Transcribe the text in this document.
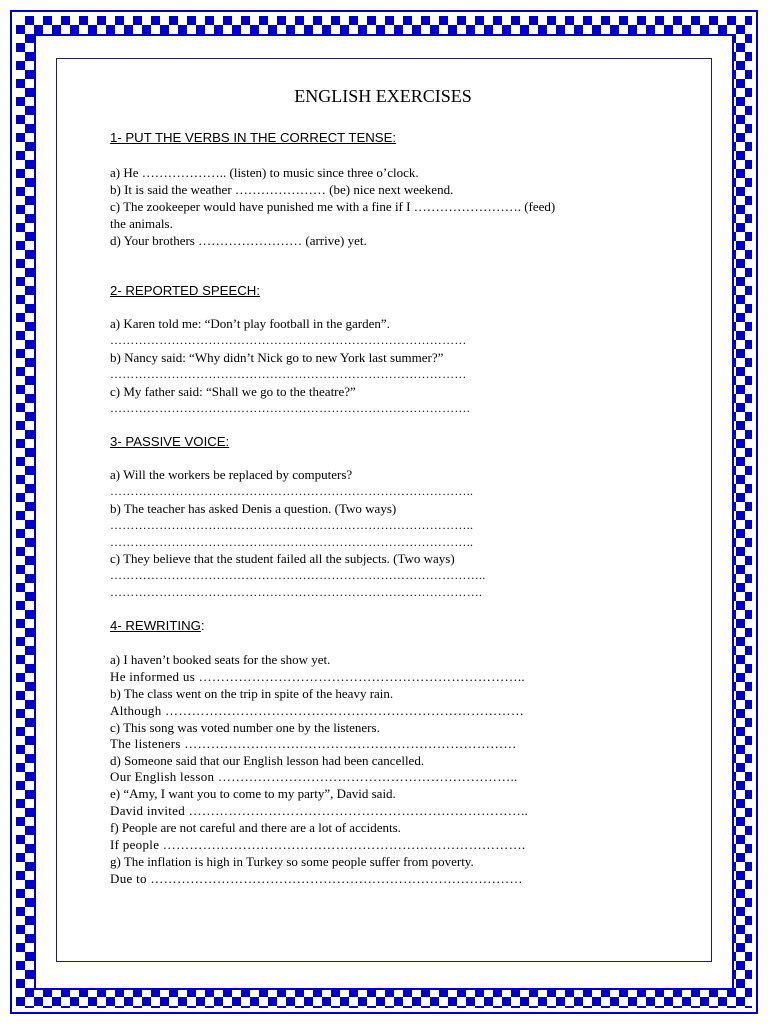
ENGLISH EXERCISES
1- PUT THE VERBS IN THE CORRECT TENSE:
a) He ……………….. (listen) to music since three o’clock.
b) It is said the weather ………………… (be) nice next weekend.
c) The zookeeper would have punished me with a fine if I ……………………. (feed)
the animals.
d) Your brothers …………………… (arrive) yet.
2- REPORTED SPEECH:
a) Karen told me: “Don’t play football in the garden”.
……………………………………………………………………………
b) Nancy said: “Why didn’t Nick go to new York last summer?”
……………………………………………………………………………
c) My father said: “Shall we go to the theatre?”
…………………………………………………………………………….
3- PASSIVE VOICE:
a) Will the workers be replaced by computers?
……………………………………………………………………………..
b) The teacher has asked Denis a question. (Two ways)
……………………………………………………………………………..
……………………………………………………………………………..
c) They believe that the student failed all the subjects. (Two ways)
………………………………………………………………………………..
……………………………………………………………………………….
4- REWRITING:
a) I haven’t booked seats for the show yet.
He informed us ………………………………………………………………..
b) The class went on the trip in spite of the heavy rain.
Although ………………………………………………………………………
c) This song was voted number one by the listeners.
The listeners …………………………………………………………………
d) Someone said that our English lesson had been cancelled.
Our English lesson …………………………………………………………..
e) “Amy, I want you to come to my party”, David said.
David invited …………………………………………………………………..
f) People are not careful and there are a lot of accidents.
If people ……………………………………………………………………….
g) The inflation is high in Turkey so some people suffer from poverty.
Due to …………………………………………………………………………
